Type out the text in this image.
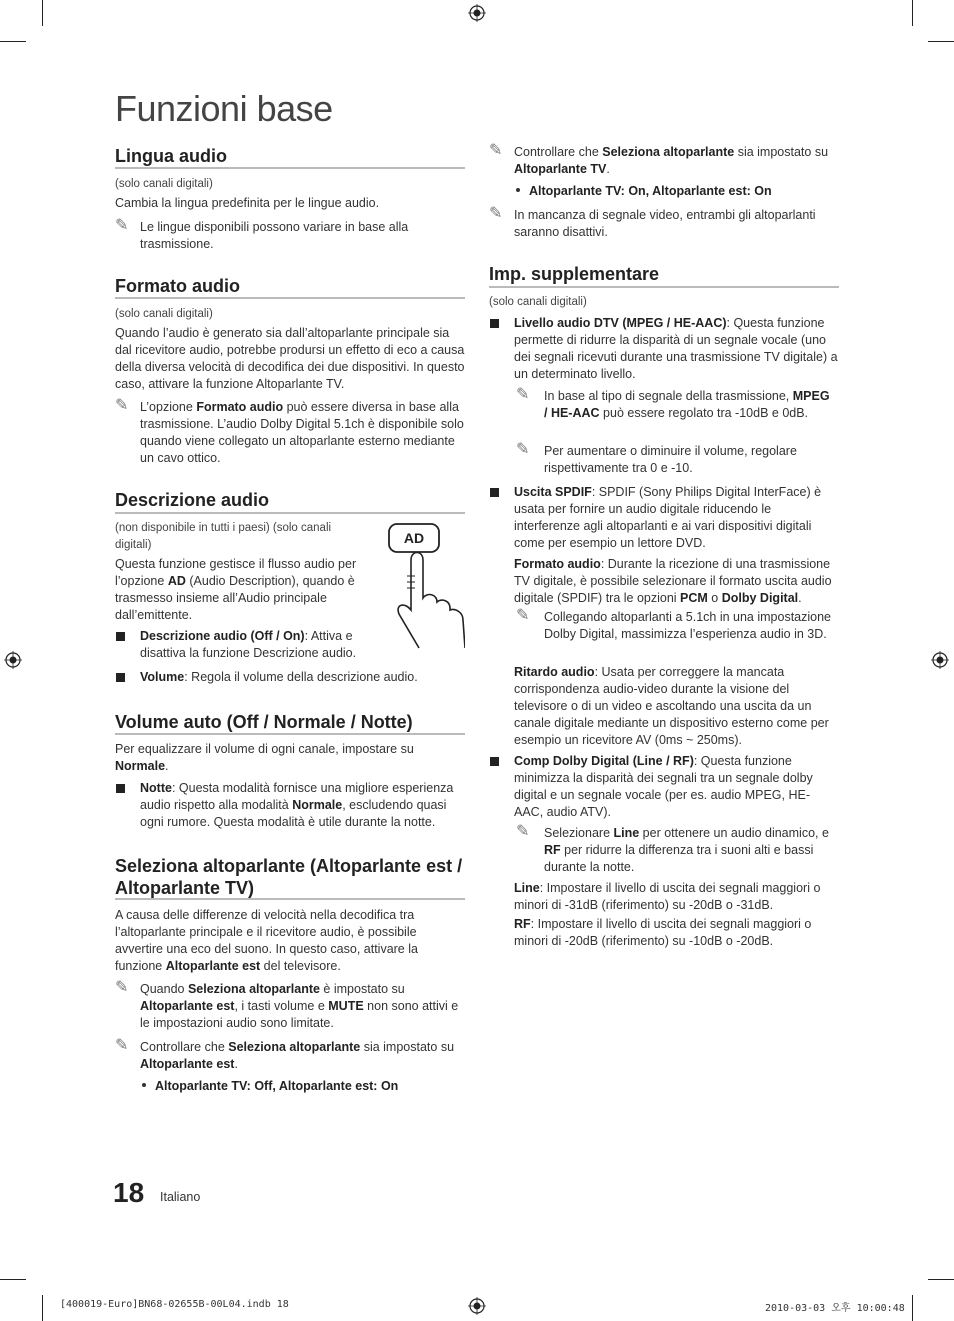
Funzioni base
Lingua audio
(solo canali digitali)
Cambia la lingua predefinita per le lingue audio.
✎ Le lingue disponibili possono variare in base alla trasmissione.
Formato audio
(solo canali digitali)
Quando l’audio è generato sia dall’altoparlante principale sia dal ricevitore audio, potrebbe prodursi un effetto di eco a causa della diversa velocità di decodifica dei due dispositivi. In questo caso, attivare la funzione Altoparlante TV.
✎ L’opzione Formato audio può essere diversa in base alla trasmissione. L’audio Dolby Digital 5.1ch è disponibile solo quando viene collegato un altoparlante esterno mediante un cavo ottico.
Descrizione audio
(non disponibile in tutti i paesi) (solo canali digitali)
Questa funzione gestisce il flusso audio per l’opzione AD (Audio Description), quando è trasmesso insieme all’Audio principale dall’emittente.
AD
Descrizione audio (Off / On): Attiva e disattiva la funzione Descrizione audio.
Volume: Regola il volume della descrizione audio.
Volume auto (Off / Normale / Notte)
Per equalizzare il volume di ogni canale, impostare su Normale.
Notte: Questa modalità fornisce una migliore esperienza audio rispetto alla modalità Normale, escludendo quasi ogni rumore. Questa modalità è utile durante la notte.
Seleziona altoparlante (Altoparlante est / Altoparlante TV)
A causa delle differenze di velocità nella decodifica tra l’altoparlante principale e il ricevitore audio, è possibile avvertire una eco del suono. In questo caso, attivare la funzione Altoparlante est del televisore.
✎ Quando Seleziona altoparlante è impostato su Altoparlante est, i tasti volume e MUTE non sono attivi e le impostazioni audio sono limitate.
✎ Controllare che Seleziona altoparlante sia impostato su Altoparlante est.
Altoparlante TV: Off, Altoparlante est: On
✎ Controllare che Seleziona altoparlante sia impostato su Altoparlante TV.
Altoparlante TV: On, Altoparlante est: On
✎ In mancanza di segnale video, entrambi gli altoparlanti saranno disattivi.
Imp. supplementare
(solo canali digitali)
Livello audio DTV (MPEG / HE-AAC): Questa funzione permette di ridurre la disparità di un segnale vocale (uno dei segnali ricevuti durante una trasmissione TV digitale) a un determinato livello.
✎ In base al tipo di segnale della trasmissione, MPEG / HE-AAC può essere regolato tra -10dB e 0dB.
✎ Per aumentare o diminuire il volume, regolare rispettivamente tra 0 e -10.
Uscita SPDIF: SPDIF (Sony Philips Digital InterFace) è usata per fornire un audio digitale riducendo le interferenze agli altoparlanti e ai vari dispositivi digitali come per esempio un lettore DVD.
Formato audio: Durante la ricezione di una trasmissione TV digitale, è possibile selezionare il formato uscita audio digitale (SPDIF) tra le opzioni PCM o Dolby Digital.
✎ Collegando altoparlanti a 5.1ch in una impostazione Dolby Digital, massimizza l’esperienza audio in 3D.
Ritardo audio: Usata per correggere la mancata corrispondenza audio-video durante la visione del televisore o di un video e ascoltando una uscita da un canale digitale mediante un dispositivo esterno come per esempio un ricevitore AV (0ms ~ 250ms).
Comp Dolby Digital (Line / RF): Questa funzione minimizza la disparità dei segnali tra un segnale dolby digital e un segnale vocale (per es. audio MPEG, HE-AAC, audio ATV).
✎ Selezionare Line per ottenere un audio dinamico, e RF per ridurre la differenza tra i suoni alti e bassi durante la notte.
Line: Impostare il livello di uscita dei segnali maggiori o minori di -31dB (riferimento) su -20dB o -31dB.
RF: Impostare il livello di uscita dei segnali maggiori o minori di -20dB (riferimento) su -10dB o -20dB.
18 Italiano
[400019-Euro]BN68-02655B-00L04.indb 18	2010-03-03 오후 10:00:48
